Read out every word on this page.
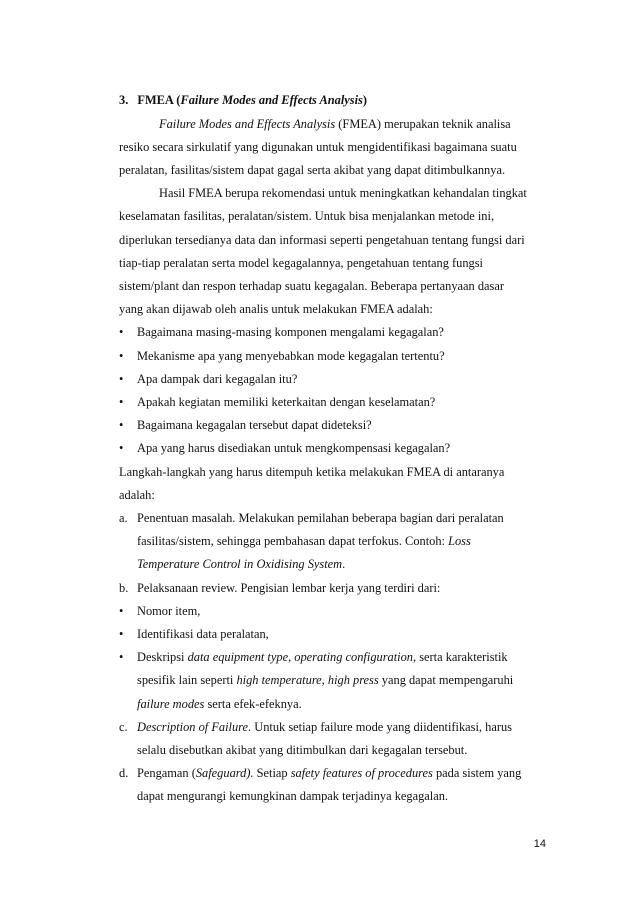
3. FMEA (Failure Modes and Effects Analysis)
Failure Modes and Effects Analysis (FMEA) merupakan teknik analisa
resiko secara sirkulatif yang digunakan untuk mengidentifikasi bagaimana suatu
peralatan, fasilitas/sistem dapat gagal serta akibat yang dapat ditimbulkannya.
Hasil FMEA berupa rekomendasi untuk meningkatkan kehandalan tingkat
keselamatan fasilitas, peralatan/sistem. Untuk bisa menjalankan metode ini,
diperlukan tersedianya data dan informasi seperti pengetahuan tentang fungsi dari
tiap-tiap peralatan serta model kegagalannya, pengetahuan tentang fungsi
sistem/plant dan respon terhadap suatu kegagalan. Beberapa pertanyaan dasar
yang akan dijawab oleh analis untuk melakukan FMEA adalah:
• Bagaimana masing-masing komponen mengalami kegagalan?
• Mekanisme apa yang menyebabkan mode kegagalan tertentu?
• Apa dampak dari kegagalan itu?
• Apakah kegiatan memiliki keterkaitan dengan keselamatan?
• Bagaimana kegagalan tersebut dapat dideteksi?
• Apa yang harus disediakan untuk mengkompensasi kegagalan?
Langkah-langkah yang harus ditempuh ketika melakukan FMEA di antaranya
adalah:
a. Penentuan masalah. Melakukan pemilahan beberapa bagian dari peralatan
fasilitas/sistem, sehingga pembahasan dapat terfokus. Contoh: Loss
Temperature Control in Oxidising System.
b. Pelaksanaan review. Pengisian lembar kerja yang terdiri dari:
• Nomor item,
• Identifikasi data peralatan,
• Deskripsi data equipment type, operating configuration, serta karakteristik
spesifik lain seperti high temperature, high press yang dapat mempengaruhi
failure modes serta efek-efeknya.
c. Description of Failure. Untuk setiap failure mode yang diidentifikasi, harus
selalu disebutkan akibat yang ditimbulkan dari kegagalan tersebut.
d. Pengaman (Safeguard). Setiap safety features of procedures pada sistem yang
dapat mengurangi kemungkinan dampak terjadinya kegagalan.
14
